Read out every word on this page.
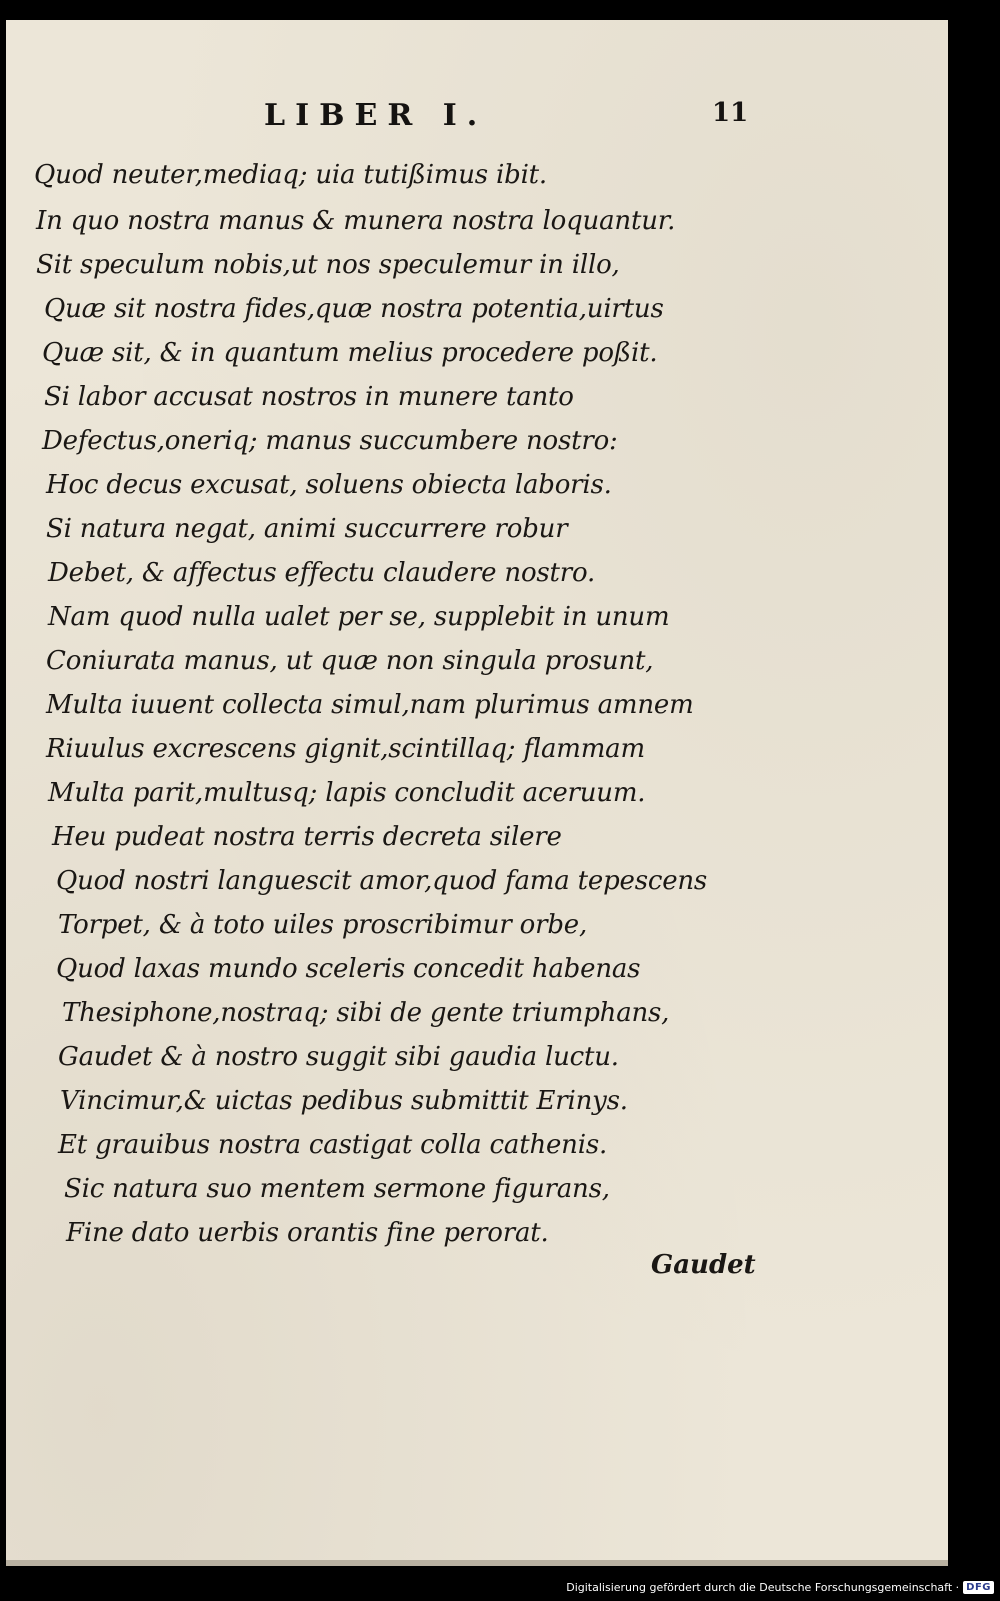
LIBER I.	11
Quod neuter,mediaq; uia tutißimus ibit.
In quo nostra manus & munera nostra loquantur.
Sit speculum nobis,ut nos speculemur in illo,
Quæ sit nostra fides,quæ nostra potentia,uirtus
Quæ sit, & in quantum melius procedere poßit.
Si labor accusat nostros in munere tanto
Defectus,oneriq; manus succumbere nostro:
Hoc decus excusat, soluens obiecta laboris.
Si natura negat, animi succurrere robur
Debet, & affectus effectu claudere nostro.
Nam quod nulla ualet per se, supplebit in unum
Coniurata manus, ut quæ non singula prosunt,
Multa iuuent collecta simul,nam plurimus amnem
Riuulus excrescens gignit,scintillaq; flammam
Multa parit,multusq; lapis concludit aceruum.
Heu pudeat nostra terris decreta silere
Quod nostri languescit amor,quod fama tepescens
Torpet, & à toto uiles proscribimur orbe,
Quod laxas mundo sceleris concedit habenas
Thesiphone,nostraq; sibi de gente triumphans,
Gaudet & à nostro suggit sibi gaudia luctu.
Vincimur,& uictas pedibus submittit Erinys.
Et grauibus nostra castigat colla cathenis.
Sic natura suo mentem sermone figurans,
Fine dato uerbis orantis fine perorat.
Gaudet
Digitalisierung gefördert durch die Deutsche Forschungsgemeinschaft · DFG
